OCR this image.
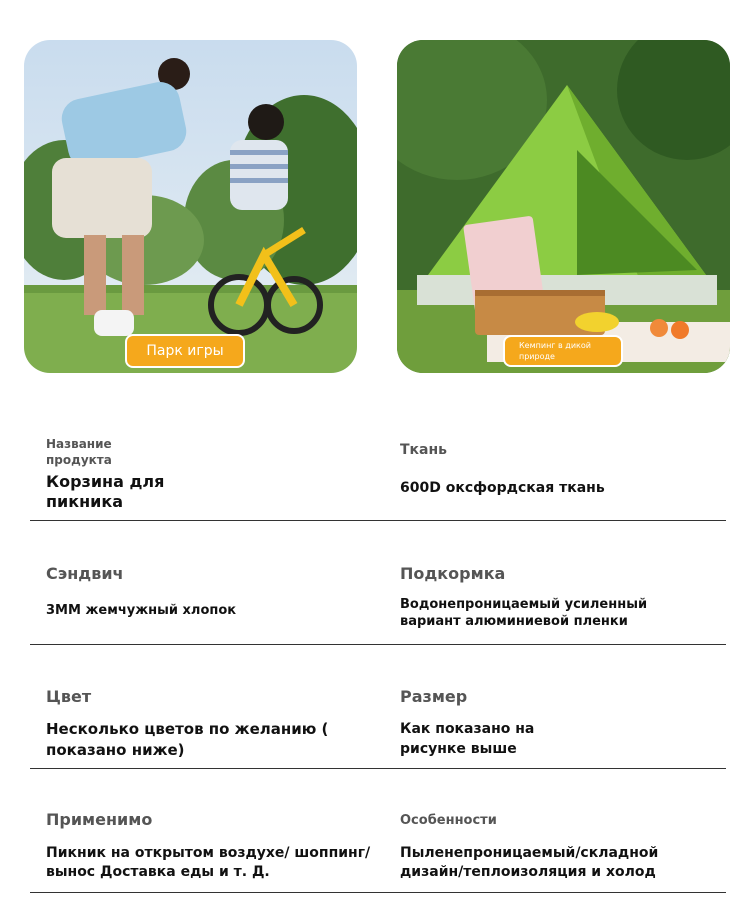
Парк игры	Кемпинг в дикой природе
Название продукта
Корзина для пикника
Ткань
600D оксфордская ткань
Сэндвич
3MM жемчужный хлопок
Подкормка
Водонепроницаемый усиленный вариант алюминиевой пленки
Цвет
Несколько цветов по желанию ( показано ниже)
Размер
Как показано на рисунке выше
Применимо
Пикник на открытом воздухе/ шоппинг/вынос Доставка еды и т. Д.
Особенности
Пыленепроницаемый/складной дизайн/теплоизоляция и холод
